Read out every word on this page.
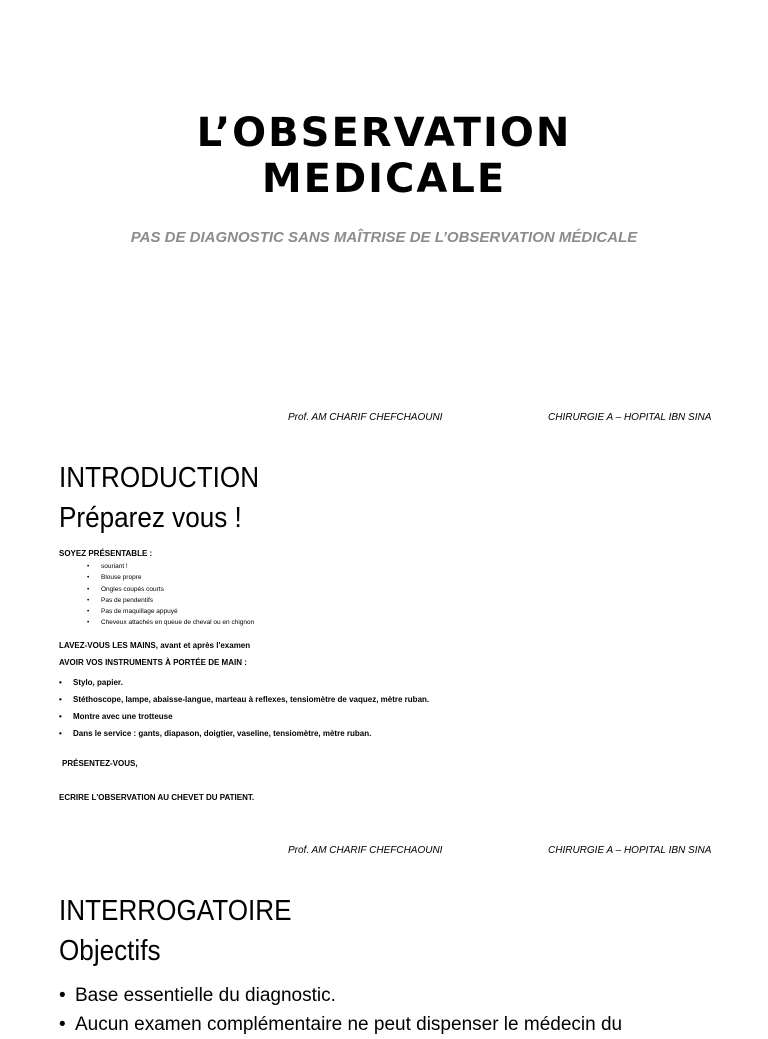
L’OBSERVATION
MEDICALE
PAS DE DIAGNOSTIC SANS MAÎTRISE DE L’OBSERVATION MÉDICALE
Prof. AM CHARIF CHEFCHAOUNI	CHIRURGIE A – HOPITAL IBN SINA
INTRODUCTION
Préparez vous !
SOYEZ PRÉSENTABLE :
• souriant !
• Blouse propre
• Ongles coupés courts
• Pas de pendentifs
• Pas de maquillage appuyé
• Cheveux attachés en queue de cheval ou en chignon
LAVEZ-VOUS LES MAINS, avant et après l'examen
AVOIR VOS INSTRUMENTS À PORTÉE DE MAIN :
• Stylo, papier.
• Stéthoscope, lampe, abaisse-langue, marteau à reflexes, tensiomètre de vaquez, mètre ruban.
• Montre avec une trotteuse
• Dans le service : gants, diapason, doigtier, vaseline, tensiomètre, mètre ruban.
PRÉSENTEZ-VOUS,
ECRIRE L'OBSERVATION AU CHEVET DU PATIENT.
Prof. AM CHARIF CHEFCHAOUNI	CHIRURGIE A – HOPITAL IBN SINA
INTERROGATOIRE
Objectifs
• Base essentielle du diagnostic.
• Aucun examen complémentaire ne peut dispenser le médecin du
